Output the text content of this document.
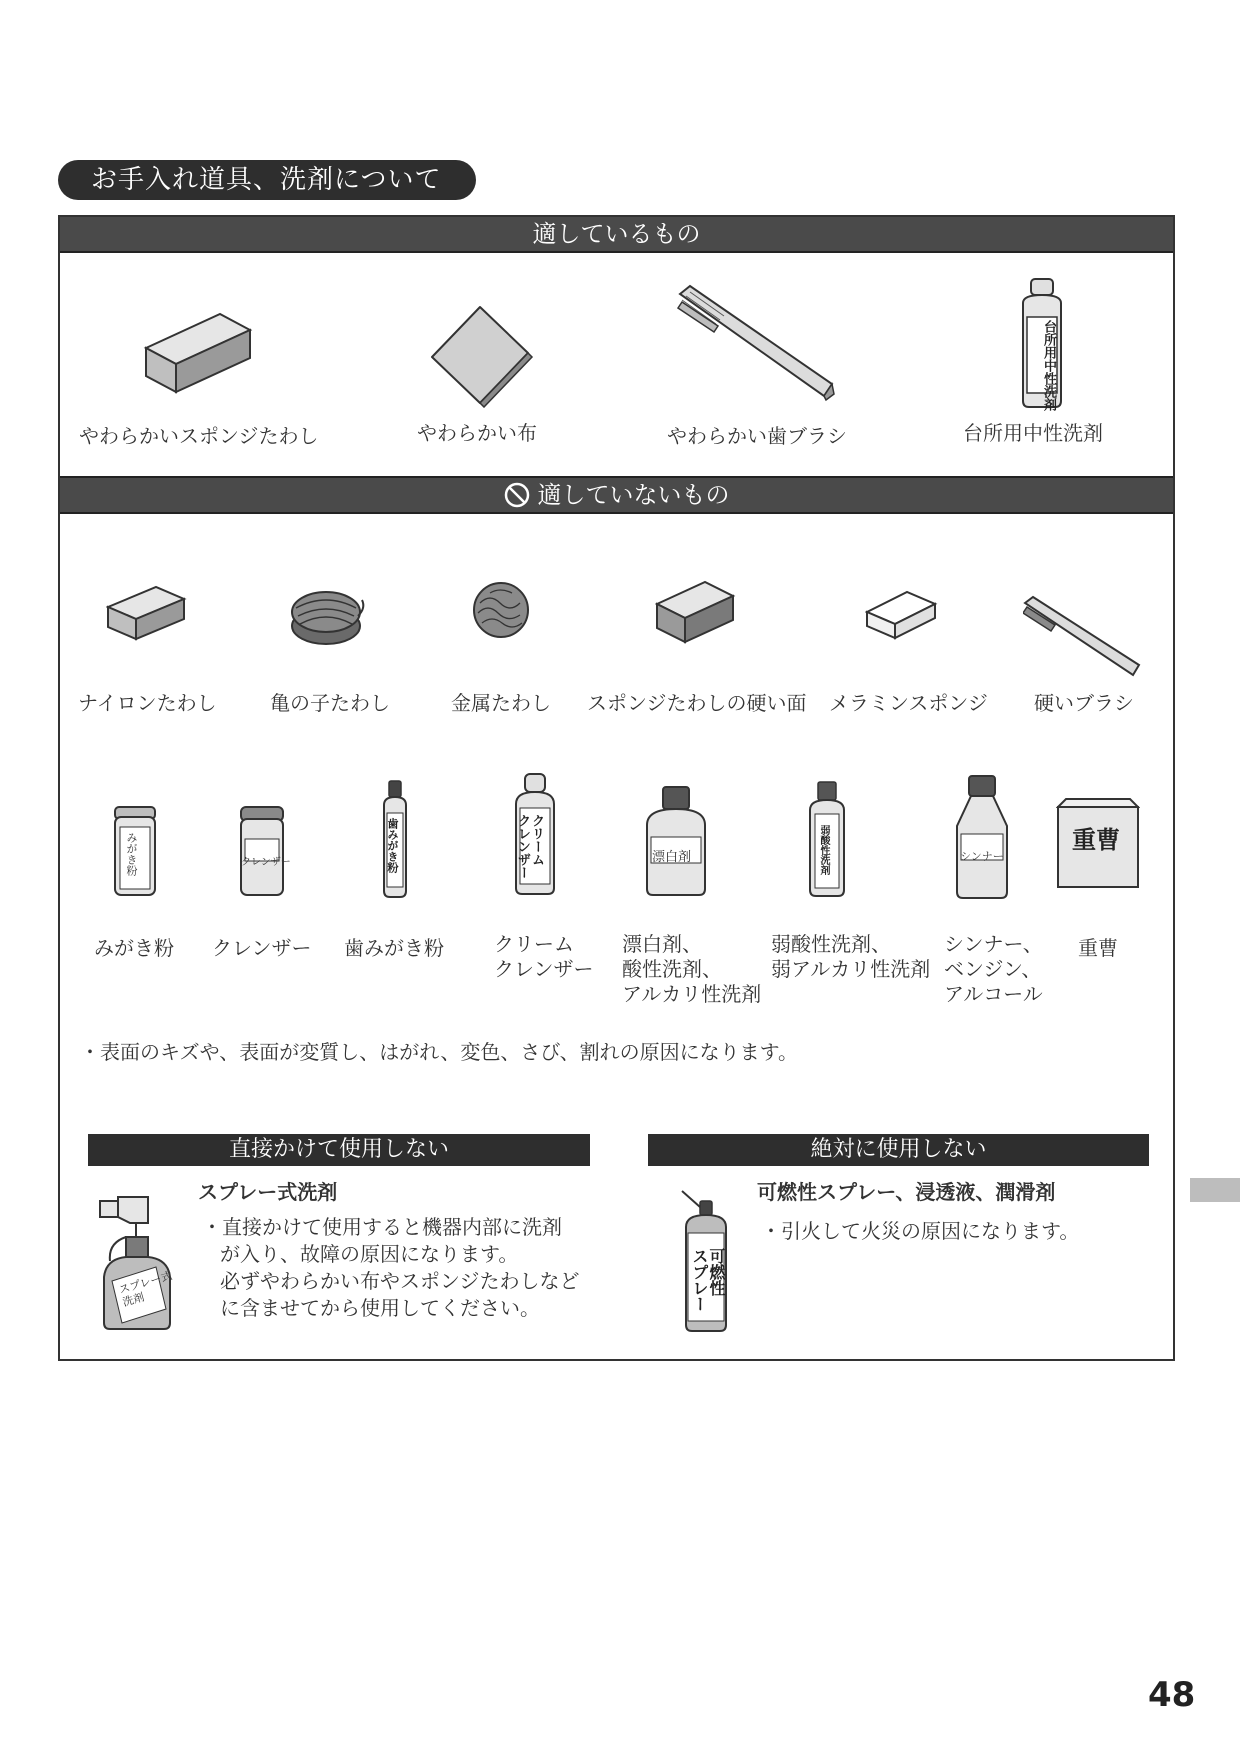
お手入れ道具、洗剤について
適しているもの
台所用中性洗剤
やわらかいスポンジたわし	やわらかい布	やわらかい歯ブラシ	台所用中性洗剤
適していないもの
ナイロンたわし	亀の子たわし	金属たわし スポンジたわしの硬い面 メラミンスポンジ 硬いブラシ
みがき粉	クレンザー	歯みがき粉	クリーム
クレンザー	漂白剤	弱酸性洗剤	シンナー
重曹
みがき粉 クレンザー 歯みがき粉	クリーム
クレンザー
漂白剤、
酸性洗剤、
アルカリ性洗剤
弱酸性洗剤、
弱アルカリ性洗剤
シンナー、
ベンジン、
アルコール
重曹
・表面のキズや、表面が変質し、はがれ、変色、さび、割れの原因になります。
直接かけて使用しない
スプレー式
洗剤
スプレー式洗剤
・直接かけて使用すると機器内部に洗剤
が入り、故障の原因になります。
必ずやわらかい布やスポンジたわしなど
に含ませてから使用してください。
絶対に使用しない
可燃性
スプレー
可燃性スプレー、浸透液、潤滑剤
・引火して火災の原因になります。
48
